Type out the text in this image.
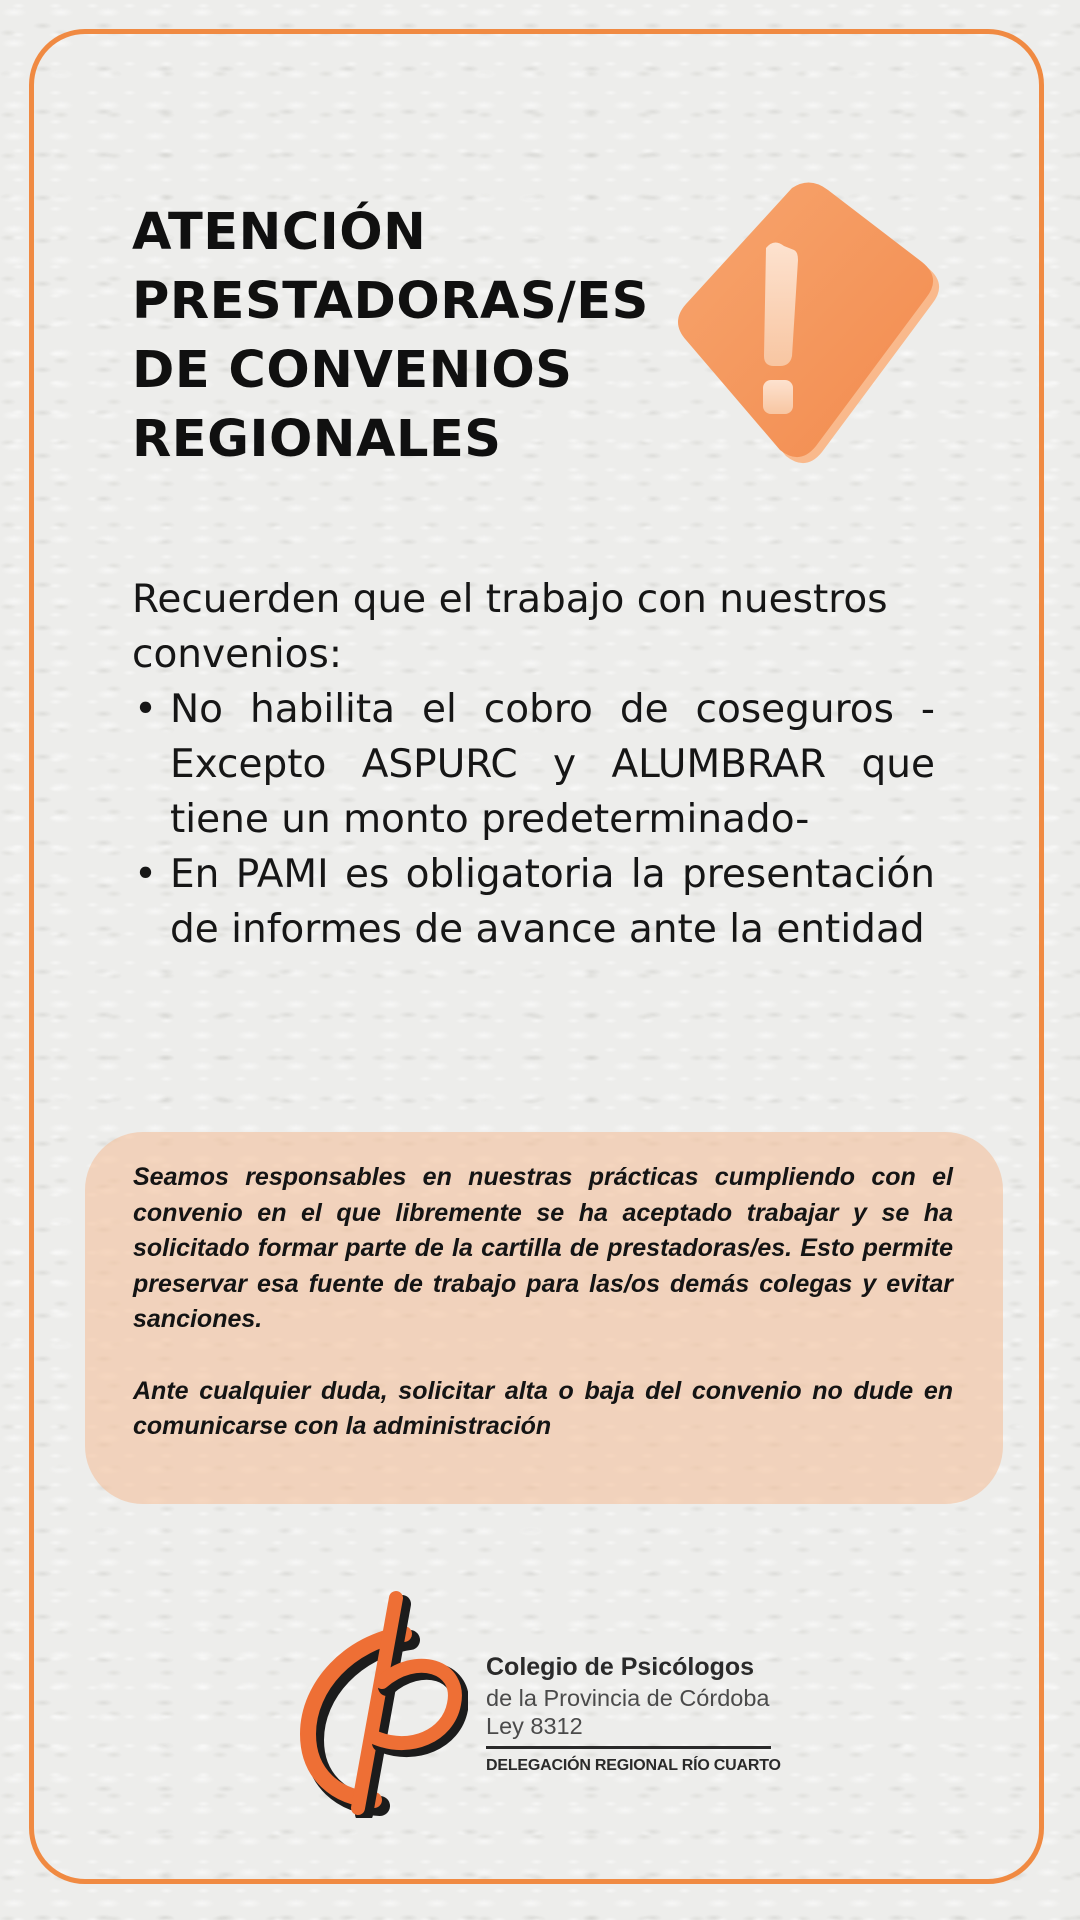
ATENCIÓN
PRESTADORAS/ES
DE CONVENIOS
REGIONALES

Recuerden que el trabajo con nuestros convenios:

• No habilita el cobro de coseguros -Excepto ASPURC y ALUMBRAR que tiene un monto predeterminado-
• En PAMI es obligatoria la presentación de informes de avance ante la entidad

Seamos responsables en nuestras prácticas cumpliendo con el convenio en el que libremente se ha aceptado trabajar y se ha solicitado formar parte de la cartilla de prestadoras/es. Esto permite preservar esa fuente de trabajo para las/os demás colegas y evitar sanciones.

Ante cualquier duda, solicitar alta o baja del convenio no dude en comunicarse con la administración

Colegio de Psicólogos
de la Provincia de Córdoba
Ley 8312
DELEGACIÓN REGIONAL RÍO CUARTO
